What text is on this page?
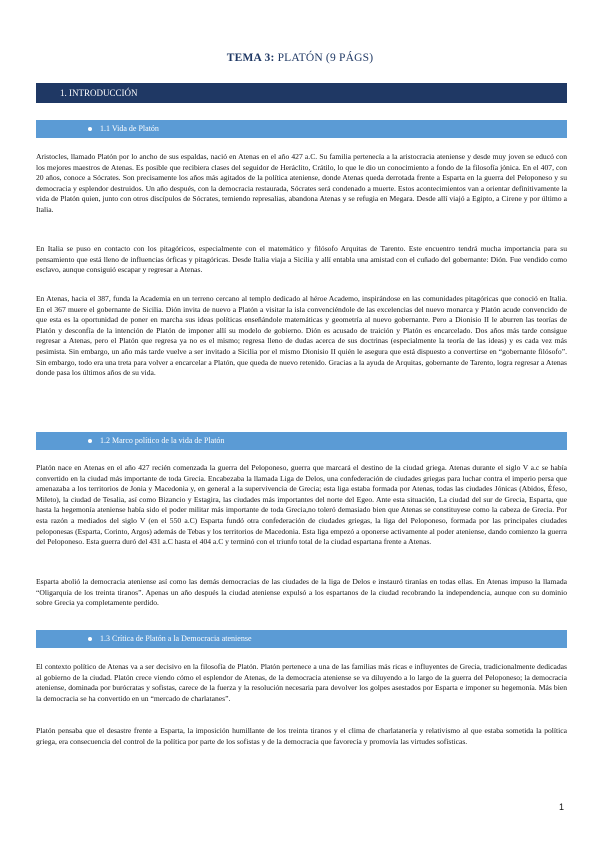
TEMA 3: PLATÓN (9 PÁGS)
1. INTRODUCCIÓN
1.1 Vida de Platón

Aristocles, llamado Platón por lo ancho de sus espaldas, nació en Atenas en el año 427 a.C. Su familia pertenecía a la aristocracia ateniense y desde muy joven se educó con los mejores maestros de Atenas. Es posible que recibiera clases del seguidor de Heráclito, Crátilo, lo que le dio un conocimiento a fondo de la filosofía jónica. En el 407, con 20 años, conoce a Sócrates. Son precisamente los años más agitados de la política ateniense, donde Atenas queda derrotada frente a Esparta en la guerra del Peloponeso y su democracia y esplendor destruidos. Un año después, con la democracia restaurada, Sócrates será condenado a muerte. Estos acontecimientos van a orientar definitivamente la vida de Platón quien, junto con otros discípulos de Sócrates, temiendo represalias, abandona Atenas y se refugia en Megara. Desde allí viajó a Egipto, a Cirene y por último a Italia.

En Italia se puso en contacto con los pitagóricos, especialmente con el matemático y filósofo Arquitas de Tarento. Este encuentro tendrá mucha importancia para su pensamiento que está lleno de influencias órficas y pitagóricas. Desde Italia viaja a Sicilia y allí entabla una amistad con el cuñado del gobernante: Dión. Fue vendido como esclavo, aunque consiguió escapar y regresar a Atenas.

En Atenas, hacia el 387, funda la Academia en un terreno cercano al templo dedicado al héroe Academo, inspirándose en las comunidades pitagóricas que conoció en Italia. En el 367 muere el gobernante de Sicilia. Dión invita de nuevo a Platón a visitar la isla convenciéndole de las excelencias del nuevo monarca y Platón acude convencido de que esta es la oportunidad de poner en marcha sus ideas políticas enseñándole matemáticas y geometría al nuevo gobernante. Pero a Dionisio II le aburren las teorías de Platón y desconfía de la intención de Platón de imponer allí su modelo de gobierno. Dión es acusado de traición y Platón es encarcelado. Dos años más tarde consigue regresar a Atenas, pero el Platón que regresa ya no es el mismo; regresa lleno de dudas acerca de sus doctrinas (especialmente la teoría de las ideas) y es cada vez más pesimista. Sin embargo, un año más tarde vuelve a ser invitado a Sicilia por el mismo Dionisio II quién le asegura que está dispuesto a convertirse en “gobernante filósofo”. Sin embargo, todo era una treta para volver a encarcelar a Platón, que queda de nuevo retenido. Gracias a la ayuda de Arquitas, gobernante de Tarento, logra regresar a Atenas donde pasa los últimos años de su vida.

1.2 Marco político de la vida de Platón

Platón nace en Atenas en el año 427 recién comenzada la guerra del Peloponeso, guerra que marcará el destino de la ciudad griega. Atenas durante el siglo V a.c se había convertido en la ciudad más importante de toda Grecia. Encabezaba la llamada Liga de Delos, una confederación de ciudades griegas para luchar contra el imperio persa que amenazaba a los territorios de Jonia y Macedonia y, en general a la supervivencia de Grecia; esta liga estaba formada por Atenas, todas las ciudades Jónicas (Abidos, Éfeso, Mileto), la ciudad de Tesalia, así como Bizancio y Estagira, las ciudades más importantes del norte del Egeo. Ante esta situación, La ciudad del sur de Grecia, Esparta, que hasta la hegemonía ateniense había sido el poder militar más importante de toda Grecia,no toleró demasiado bien que Atenas se constituyese como la cabeza de Grecia. Por esta razón a mediados del siglo V (en el 550 a.C) Esparta fundó otra confederación de ciudades griegas, la liga del Peloponeso, formada por las principales ciudades peloponesas (Esparta, Corinto, Argos) además de Tebas y los territorios de Macedonia. Esta liga empezó a oponerse activamente al poder ateniense, dando comienzo la guerra del Peloponeso. Esta guerra duró del 431 a.C hasta el 404 a.C y terminó con el triunfo total de la ciudad espartana frente a Atenas.

Esparta abolió la democracia ateniense así como las demás democracias de las ciudades de la liga de Delos e instauró tiranías en todas ellas. En Atenas impuso la llamada “Oligarquía de los treinta tiranos”. Apenas un año después la ciudad ateniense expulsó a los espartanos de la ciudad recobrando la independencia, aunque con su dominio sobre Grecia ya completamente perdido.

1.3 Crítica de Platón a la Democracia ateniense

El contexto político de Atenas va a ser decisivo en la filosofía de Platón. Platón pertenece a una de las familias más ricas e influyentes de Grecia, tradicionalmente dedicadas al gobierno de la ciudad. Platón crece viendo cómo el esplendor de Atenas, de la democracia ateniense se va diluyendo a lo largo de la guerra del Peloponeso; la democracia ateniense, dominada por burócratas y sofistas, carece de la fuerza y la resolución necesaria para devolver los golpes asestados por Esparta e imponer su hegemonía. Más bien la democracia se ha convertido en un “mercado de charlatanes”.

Platón pensaba que el desastre frente a Esparta, la imposición humillante de los treinta tiranos y el clima de charlatanería y relativismo al que estaba sometida la política griega, era consecuencia del control de la política por parte de los sofistas y de la democracia que favorecía y promovía las virtudes sofísticas.

1
